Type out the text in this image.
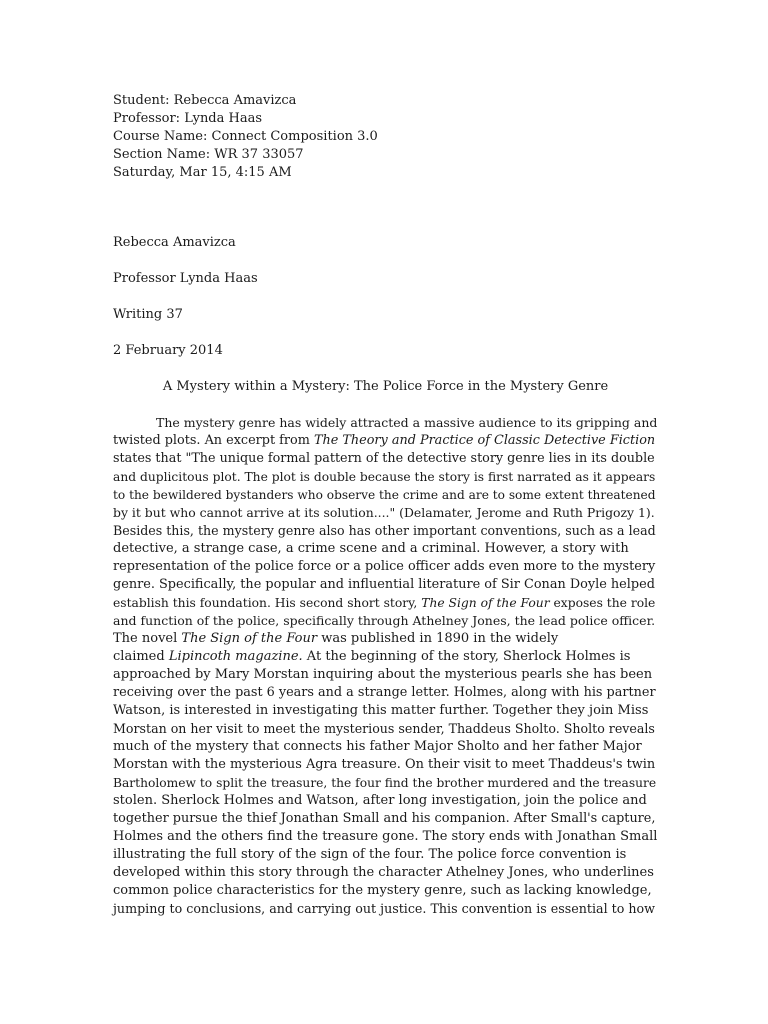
Student: Rebecca Amavizca
Professor: Lynda Haas
Course Name: Connect Composition 3.0
Section Name: WR 37 33057
Saturday, Mar 15, 4:15 AM
Rebecca Amavizca
Professor Lynda Haas
Writing 37
2 February 2014
A Mystery within a Mystery: The Police Force in the Mystery Genre
The mystery genre has widely attracted a massive audience to its gripping and
twisted plots. An excerpt from The Theory and Practice of Classic Detective Fiction
states that "The unique formal pattern of the detective story genre lies in its double
and duplicitous plot. The plot is double because the story is first narrated as it appears
to the bewildered bystanders who observe the crime and are to some extent threatened
by it but who cannot arrive at its solution...." (Delamater, Jerome and Ruth Prigozy 1).
Besides this, the mystery genre also has other important conventions, such as a lead
detective, a strange case, a crime scene and a criminal. However, a story with
representation of the police force or a police officer adds even more to the mystery
genre. Specifically, the popular and influential literature of Sir Conan Doyle helped
establish this foundation. His second short story, The Sign of the Four exposes the role
and function of the police, specifically through Athelney Jones, the lead police officer.
The novel The Sign of the Four was published in 1890 in the widely
claimed Lipincoth magazine. At the beginning of the story, Sherlock Holmes is
approached by Mary Morstan inquiring about the mysterious pearls she has been
receiving over the past 6 years and a strange letter. Holmes, along with his partner
Watson, is interested in investigating this matter further. Together they join Miss
Morstan on her visit to meet the mysterious sender, Thaddeus Sholto. Sholto reveals
much of the mystery that connects his father Major Sholto and her father Major
Morstan with the mysterious Agra treasure. On their visit to meet Thaddeus's twin
Bartholomew to split the treasure, the four find the brother murdered and the treasure
stolen. Sherlock Holmes and Watson, after long investigation, join the police and
together pursue the thief Jonathan Small and his companion. After Small's capture,
Holmes and the others find the treasure gone. The story ends with Jonathan Small
illustrating the full story of the sign of the four. The police force convention is
developed within this story through the character Athelney Jones, who underlines
common police characteristics for the mystery genre, such as lacking knowledge,
jumping to conclusions, and carrying out justice. This convention is essential to how
